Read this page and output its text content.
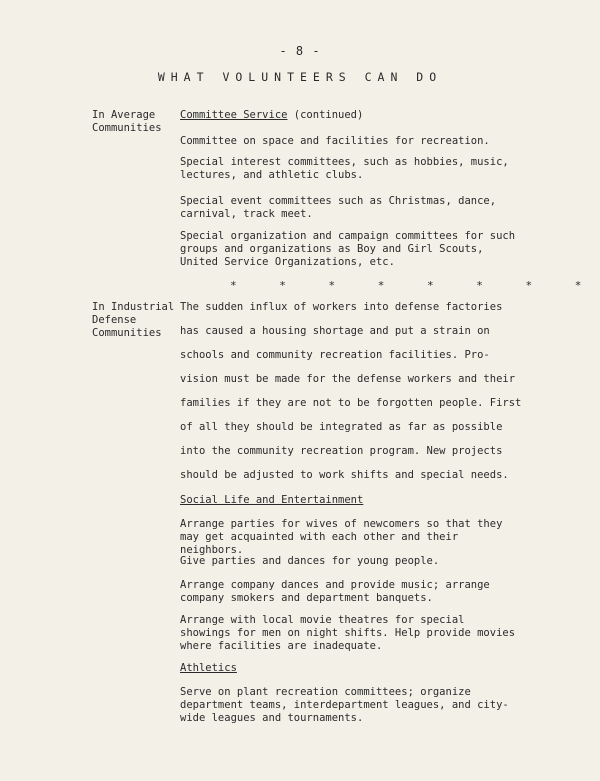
- 8 -
WHAT VOLUNTEERS CAN DO
In Average
Communities
Committee Service (continued)
Committee on space and facilities for recreation.
Special interest committees, such as hobbies, music, lectures, and athletic clubs.
Special event committees such as Christmas, dance, carnival, track meet.
Special organization and campaign committees for such groups and organizations as Boy and Girl Scouts, United Service Organizations, etc.
* * * * * * * *
In Industrial
Defense
Communities
The sudden influx of workers into defense factories
has caused a housing shortage and put a strain on
schools and community recreation facilities. Pro-
vision must be made for the defense workers and their
families if they are not to be forgotten people. First
of all they should be integrated as far as possible
into the community recreation program. New projects
should be adjusted to work shifts and special needs.
Social Life and Entertainment
Arrange parties for wives of newcomers so that they may get acquainted with each other and their neighbors.
Give parties and dances for young people.
Arrange company dances and provide music; arrange company smokers and department banquets.
Arrange with local movie theatres for special showings for men on night shifts. Help provide movies where facilities are inadequate.
Athletics
Serve on plant recreation committees; organize department teams, interdepartment leagues, and city-wide leagues and tournaments.
